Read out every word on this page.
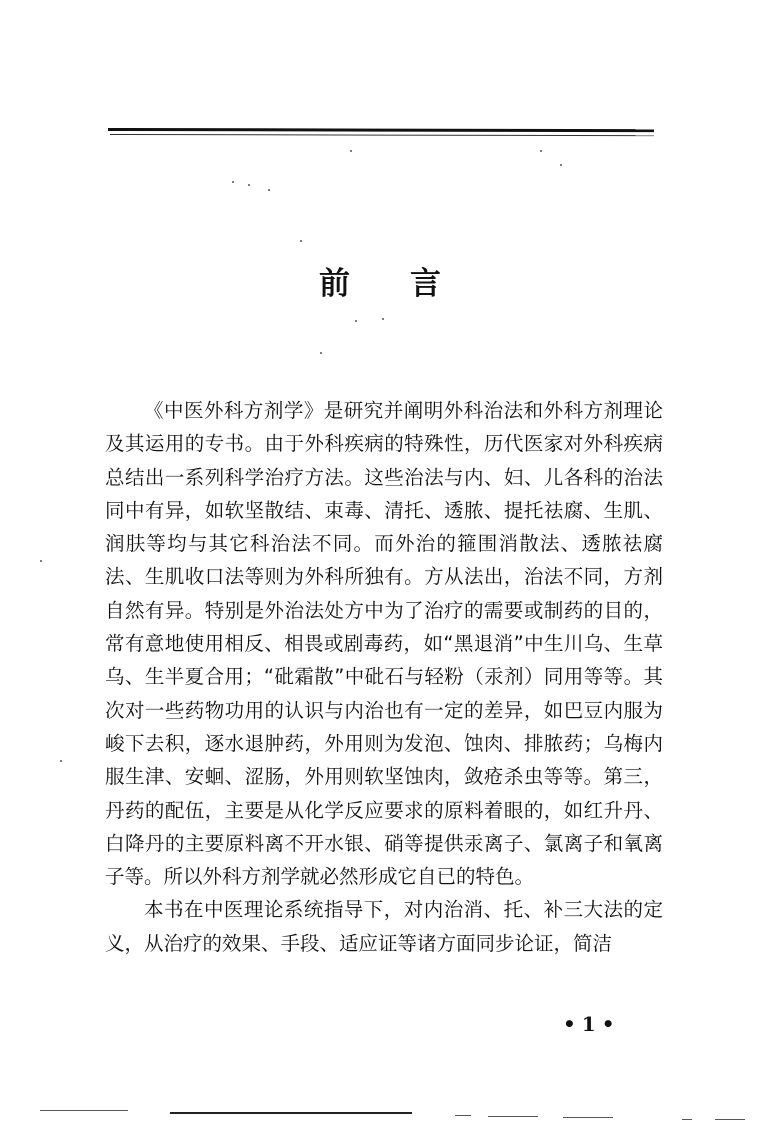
前 言

《中医外科方剂学》是研究并阐明外科治法和外科方剂理论及其运用的专书。由于外科疾病的特殊性，历代医家对外科疾病总结出一系列科学治疗方法。这些治法与内、妇、儿各科的治法同中有异，如软坚散结、束毒、清托、透脓、提托祛腐、生肌、润肤等均与其它科治法不同。而外治的箍围消散法、透脓祛腐法、生肌收口法等则为外科所独有。方从法出，治法不同，方剂自然有异。特别是外治法处方中为了治疗的需要或制药的目的，常有意地使用相反、相畏或剧毒药，如“黑退消”中生川乌、生草乌、生半夏合用；“砒霜散”中砒石与轻粉（汞剂）同用等等。其次对一些药物功用的认识与内治也有一定的差异，如巴豆内服为峻下去积，逐水退肿药，外用则为发泡、蚀肉、排脓药；乌梅内服生津、安蛔、涩肠，外用则软坚蚀肉，敛疮杀虫等等。第三，丹药的配伍，主要是从化学反应要求的原料着眼的，如红升丹、白降丹的主要原料离不开水银、硝等提供汞离子、氯离子和氧离子等。所以外科方剂学就必然形成它自已的特色。

本书在中医理论系统指导下，对内治消、托、补三大法的定义，从治疗的效果、手段、适应证等诸方面同步论证，简洁

•1•
